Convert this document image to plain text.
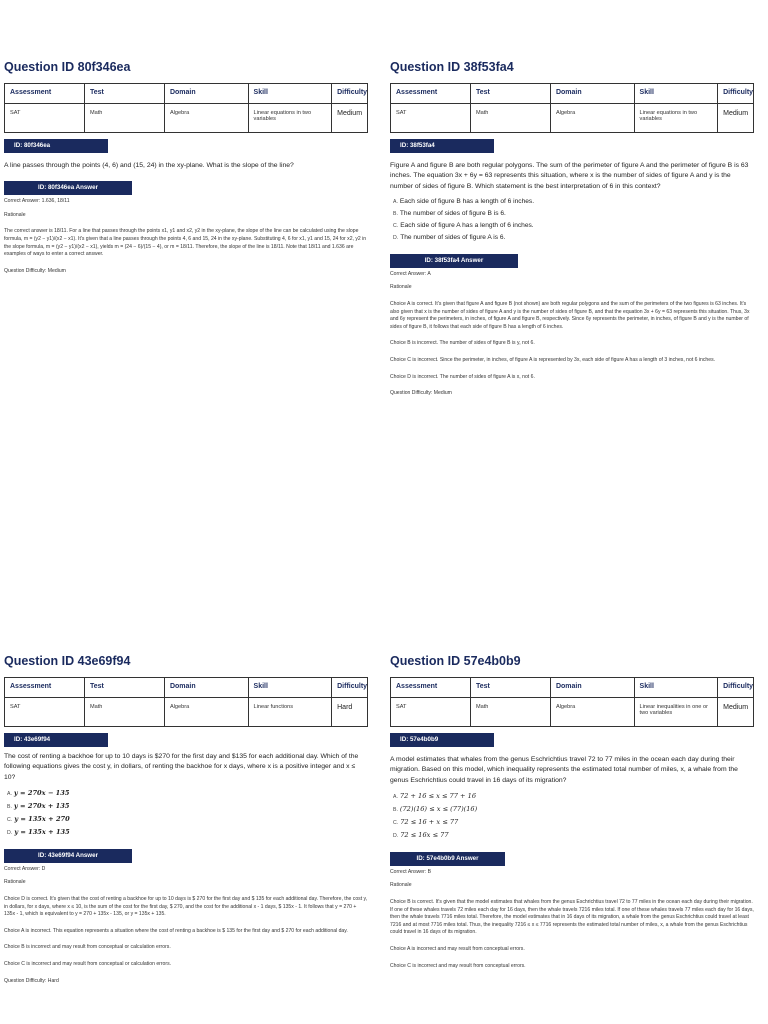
Question ID 80f346ea
Assessment	Test	Domain	Skill	Difficulty
SAT	Math	Algebra	Linear equations in two variables	Medium
ID: 80f346ea

A line passes through the points (4, 6) and (15, 24) in the xy-plane. What is the slope of the line?

ID: 80f346ea Answer
Correct Answer: 1.636, 18/11
Rationale
The correct answer is 18/11. For a line that passes through the points x1, y1 and x2, y2 in the xy-plane, the slope of the line can be calculated using the slope formula, m = (y2 − y1)/(x2 − x1). It's given that a line passes through the points 4, 6 and 15, 24 in the xy-plane. Substituting 4, 6 for x1, y1 and 15, 24 for x2, y2 in the slope formula, m = (y2 − y1)/(x2 − x1), yields m = (24 − 6)/(15 − 4), or m = 18/11. Therefore, the slope of the line is 18/11. Note that 18/11 and 1.636 are examples of ways to enter a correct answer.
Question Difficulty: Medium
Question ID 38f53fa4
Assessment	Test	Domain	Skill	Difficulty
SAT	Math	Algebra	Linear equations in two variables	Medium
ID: 38f53fa4

Figure A and figure B are both regular polygons. The sum of the perimeter of figure A and the perimeter of figure B is 63 inches. The equation 3x + 6y = 63 represents this situation, where x is the number of sides of figure A and y is the number of sides of figure B. Which statement is the best interpretation of 6 in this context?

A. Each side of figure B has a length of 6 inches.
B. The number of sides of figure B is 6.
C. Each side of figure A has a length of 6 inches.
D. The number of sides of figure A is 6.
ID: 38f53fa4 Answer
Correct Answer: A
Rationale
Choice A is correct. It's given that figure A and figure B (not shown) are both regular polygons and the sum of the perimeters of the two figures is 63 inches. It's also given that x is the number of sides of figure A and y is the number of sides of figure B, and that the equation 3x + 6y = 63 represents this situation. Thus, 3x and 6y represent the perimeters, in inches, of figure A and figure B, respectively. Since 6y represents the perimeter, in inches, of figure B and y is the number of sides of figure B, it follows that each side of figure B has a length of 6 inches.
Choice B is incorrect. The number of sides of figure B is y, not 6.
Choice C is incorrect. Since the perimeter, in inches, of figure A is represented by 3x, each side of figure A has a length of 3 inches, not 6 inches.
Choice D is incorrect. The number of sides of figure A is x, not 6.
Question Difficulty: Medium
Question ID 43e69f94
Assessment	Test	Domain	Skill	Difficulty
SAT	Math	Algebra	Linear functions	Hard
ID: 43e69f94

The cost of renting a backhoe for up to 10 days is $270 for the first day and $135 for each additional day. Which of the following equations gives the cost y, in dollars, of renting the backhoe for x days, where x is a positive integer and x ≤ 10?

A. y = 270x − 135
B. y = 270x + 135
C. y = 135x + 270
D. y = 135x + 135
ID: 43e69f94 Answer
Correct Answer: D
Rationale
Choice D is correct. It's given that the cost of renting a backhoe for up to 10 days is $ 270 for the first day and $ 135 for each additional day. Therefore, the cost y, in dollars, for x days, where x ≤ 10, is the sum of the cost for the first day, $ 270, and the cost for the additional x - 1 days, $ 135x - 1. It follows that y = 270 + 135x - 1, which is equivalent to y = 270 + 135x - 135, or y = 135x + 135.
Choice A is incorrect. This equation represents a situation where the cost of renting a backhoe is $ 135 for the first day and $ 270 for each additional day.
Choice B is incorrect and may result from conceptual or calculation errors.
Choice C is incorrect and may result from conceptual or calculation errors.
Question Difficulty: Hard
Question ID 57e4b0b9
Assessment	Test	Domain	Skill	Difficulty
SAT	Math	Algebra	Linear inequalities in one or two variables	Medium
ID: 57e4b0b9

A model estimates that whales from the genus Eschrichtius travel 72 to 77 miles in the ocean each day during their migration. Based on this model, which inequality represents the estimated total number of miles, x, a whale from the genus Eschrichtius could travel in 16 days of its migration?

A. 72 + 16 ≤ x ≤ 77 + 16
B. (72)(16) ≤ x ≤ (77)(16)
C. 72 ≤ 16 + x ≤ 77
D. 72 ≤ 16x ≤ 77
ID: 57e4b0b9 Answer
Correct Answer: B
Rationale
Choice B is correct. It's given that the model estimates that whales from the genus Eschrichtius travel 72 to 77 miles in the ocean each day during their migration. If one of these whales travels 72 miles each day for 16 days, then the whale travels 7216 miles total. If one of these whales travels 77 miles each day for 16 days, then the whale travels 7716 miles total. Therefore, the model estimates that in 16 days of its migration, a whale from the genus Eschrichtius could travel at least 7216 and at most 7716 miles total. Thus, the inequality 7216 ≤ x ≤ 7716 represents the estimated total number of miles, x, a whale from the genus Eschrichtius could travel in 16 days of its migration.
Choice A is incorrect and may result from conceptual errors.
Choice C is incorrect and may result from conceptual errors.
